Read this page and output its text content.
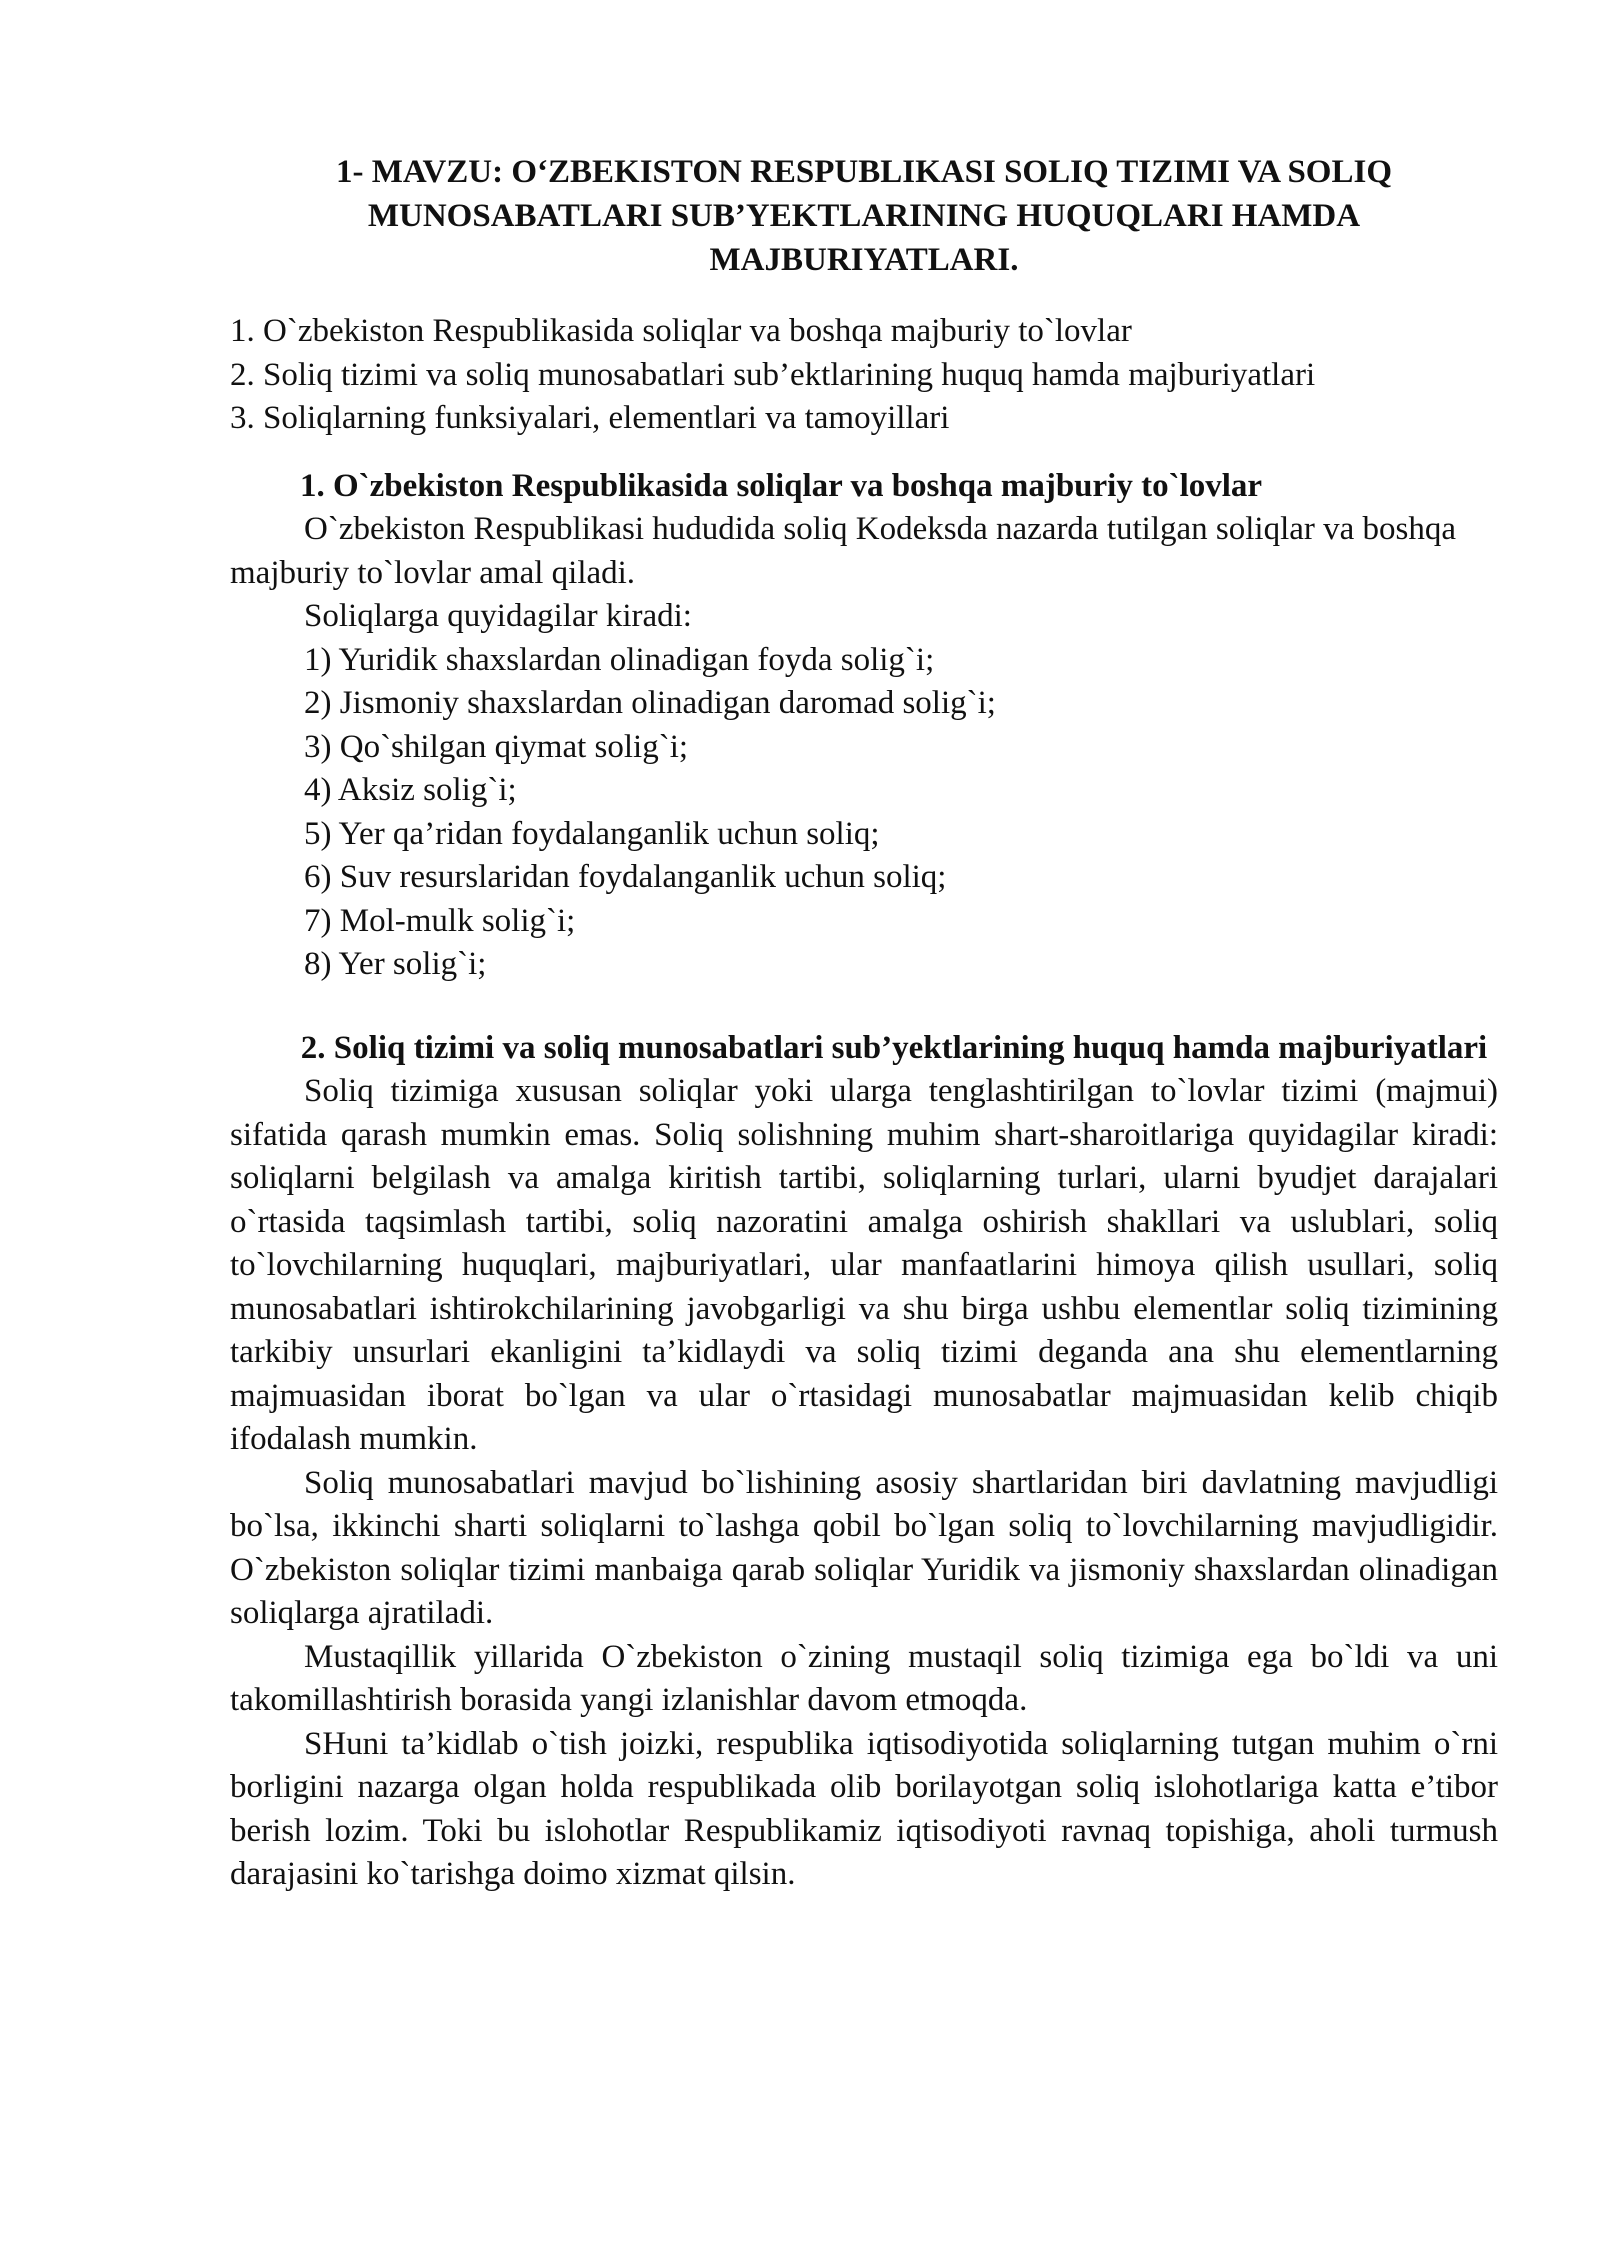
1- MAVZU: O‘ZBEKISTON RESPUBLIKASI SOLIQ TIZIMI VA SOLIQ MUNOSABATLARI SUB’YEKTLARINING HUQUQLARI HAMDA MAJBURIYATLARI.
1. O`zbekiston Respublikasida soliqlar va boshqa majburiy to`lovlar
2. Soliq tizimi va soliq munosabatlari sub’ektlarining huquq hamda majburiyatlari
3. Soliqlarning funksiyalari, elementlari va tamoyillari
1. O`zbekiston Respublikasida soliqlar va boshqa majburiy to`lovlar

O`zbekiston Respublikasi hududida soliq Kodeksda nazarda tutilgan soliqlar va boshqa majburiy to`lovlar amal qiladi.

Soliqlarga quyidagilar kiradi:

1) Yuridik shaxslardan olinadigan foyda solig`i;
2) Jismoniy shaxslardan olinadigan daromad solig`i;
3) Qo`shilgan qiymat solig`i;
4) Aksiz solig`i;
5) Yer qa’ridan foydalanganlik uchun soliq;
6) Suv resurslaridan foydalanganlik uchun soliq;
7) Mol-mulk solig`i;
8) Yer solig`i;
2. Soliq tizimi va soliq munosabatlari sub’yektlarining huquq hamda majburiyatlari

Soliq tizimiga xususan soliqlar yoki ularga tenglashtirilgan to`lovlar tizimi (majmui) sifatida qarash mumkin emas. Soliq solishning muhim shart-sharoitlariga quyidagilar kiradi: soliqlarni belgilash va amalga kiritish tartibi, soliqlarning turlari, ularni byudjet darajalari o`rtasida taqsimlash tartibi, soliq nazoratini amalga oshirish shakllari va uslublari, soliq to`lovchilarning huquqlari, majburiyatlari, ular manfaatlarini himoya qilish usullari, soliq munosabatlari ishtirokchilarining javobgarligi va shu birga ushbu elementlar soliq tizimining tarkibiy unsurlari ekanligini ta’kidlaydi va soliq tizimi deganda ana shu elementlarning majmuasidan iborat bo`lgan va ular o`rtasidagi munosabatlar majmuasidan kelib chiqib ifodalash mumkin.

Soliq munosabatlari mavjud bo`lishining asosiy shartlaridan biri davlatning mavjudligi bo`lsa, ikkinchi sharti soliqlarni to`lashga qobil bo`lgan soliq to`lovchilarning mavjudligidir. O`zbekiston soliqlar tizimi manbaiga qarab soliqlar Yuridik va jismoniy shaxslardan olinadigan soliqlarga ajratiladi.

Mustaqillik yillarida O`zbekiston o`zining mustaqil soliq tizimiga ega bo`ldi va uni takomillashtirish borasida yangi izlanishlar davom etmoqda.

SHuni ta’kidlab o`tish joizki, respublika iqtisodiyotida soliqlarning tutgan muhim o`rni borligini nazarga olgan holda respublikada olib borilayotgan soliq islohotlariga katta e’tibor berish lozim. Toki bu islohotlar Respublikamiz iqtisodiyoti ravnaq topishiga, aholi turmush darajasini ko`tarishga doimo xizmat qilsin.
